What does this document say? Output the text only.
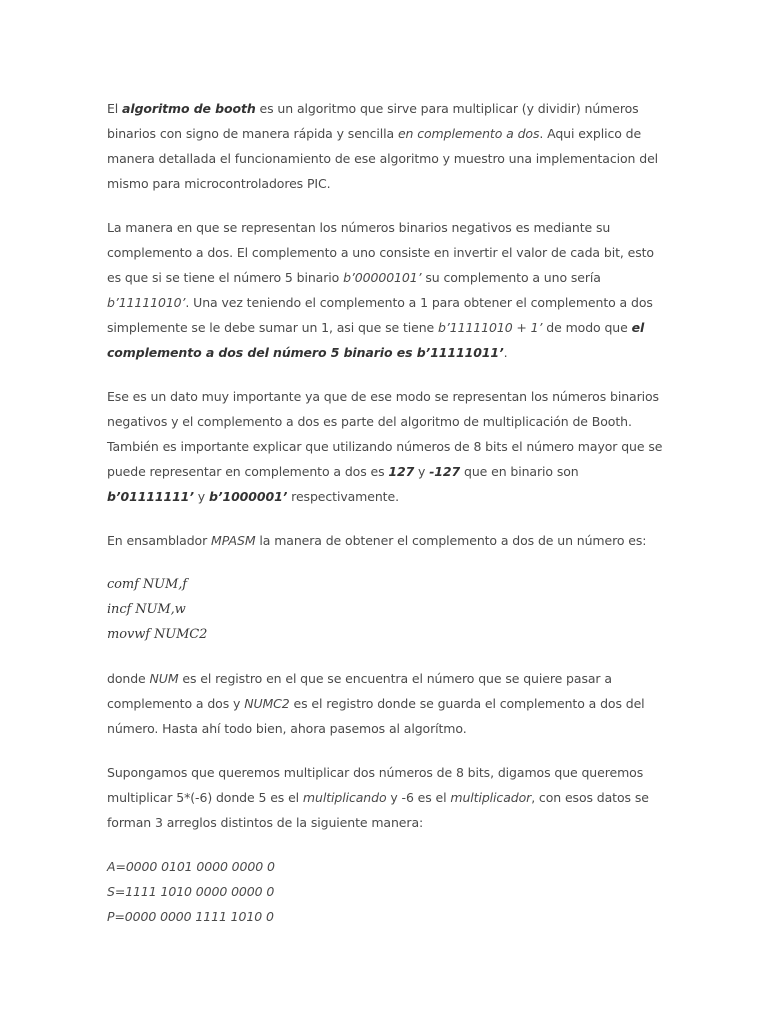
El algoritmo de booth es un algoritmo que sirve para multiplicar (y dividir) números binarios con signo de manera rápida y sencilla en complemento a dos. Aqui explico de manera detallada el funcionamiento de ese algoritmo y muestro una implementacion del mismo para microcontroladores PIC.

La manera en que se representan los números binarios negativos es mediante su complemento a dos. El complemento a uno consiste en invertir el valor de cada bit, esto es que si se tiene el número 5 binario b’00000101’ su complemento a uno sería b’11111010’. Una vez teniendo el complemento a 1 para obtener el complemento a dos simplemente se le debe sumar un 1, asi que se tiene b’11111010 + 1’ de modo que el complemento a dos del número 5 binario es b’11111011’.

Ese es un dato muy importante ya que de ese modo se representan los números binarios negativos y el complemento a dos es parte del algoritmo de multiplicación de Booth. También es importante explicar que utilizando números de 8 bits el número mayor que se puede representar en complemento a dos es 127 y -127 que en binario son b’01111111’ y b’1000001’ respectivamente.

En ensamblador MPASM la manera de obtener el complemento a dos de un número es:

comf NUM,f
incf NUM,w
movwf NUMC2

donde NUM es el registro en el que se encuentra el número que se quiere pasar a complemento a dos y NUMC2 es el registro donde se guarda el complemento a dos del número. Hasta ahí todo bien, ahora pasemos al algorítmo.

Supongamos que queremos multiplicar dos números de 8 bits, digamos que queremos multiplicar 5*(-6) donde 5 es el multiplicando y -6 es el multiplicador, con esos datos se forman 3 arreglos distintos de la siguiente manera:

A=0000 0101 0000 0000 0
S=1111 1010 0000 0000 0
P=0000 0000 1111 1010 0
